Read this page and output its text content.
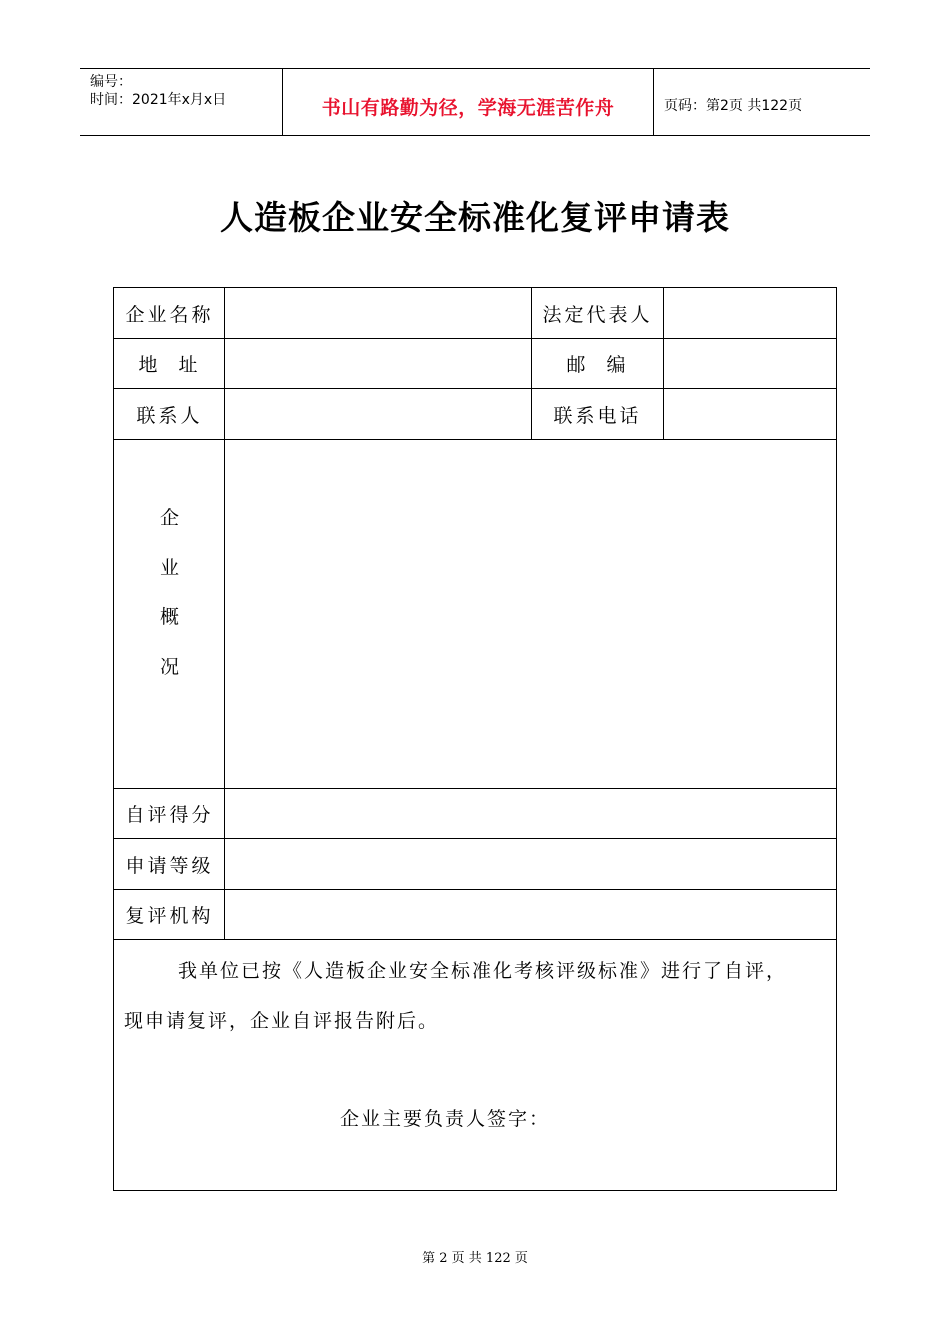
编号：
时间：2021年x月x日	书山有路勤为径，学海无涯苦作舟	页码：第2页 共122页
人造板企业安全标准化复评申请表
企业名称	法定代表人
地  址	邮  编
联系人	联系电话
企
业
概
况
自评得分
申请等级
复评机构
我单位已按《人造板企业安全标准化考核评级标准》进行了自评，
现申请复评，企业自评报告附后。
企业主要负责人签字：
第 2 页 共 122 页
